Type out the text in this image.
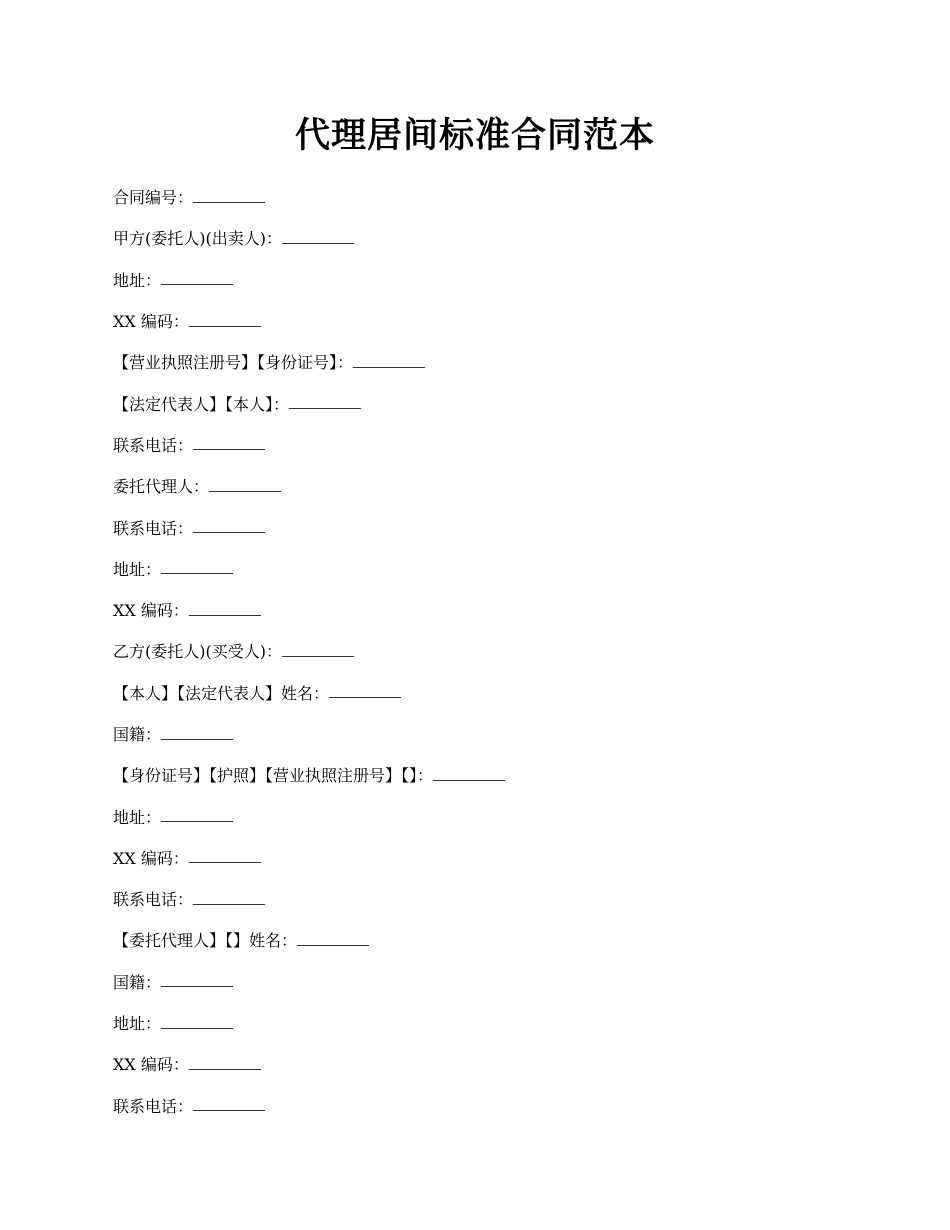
代理居间标准合同范本
合同编号： _________
甲方(委托人)(出卖人)： _________
地址： _________
XX 编码： _________
【营业执照注册号】【身份证号】： _________
【法定代表人】【本人】： _________
联系电话： _________
委托代理人： _________
联系电话： _________
地址： _________
XX 编码： _________
乙方(委托人)(买受人)： _________
【本人】【法定代表人】姓名： _________
国籍： _________
【身份证号】【护照】【营业执照注册号】【】： _________
地址： _________
XX 编码： _________
联系电话： _________
【委托代理人】【】姓名： _________
国籍： _________
地址： _________
XX 编码： _________
联系电话： _________
